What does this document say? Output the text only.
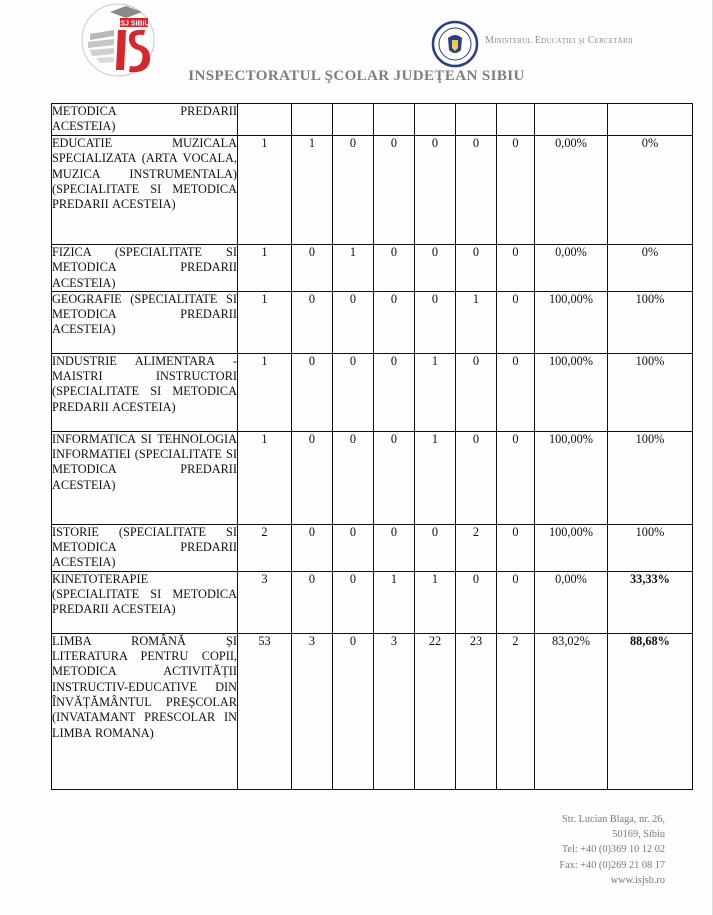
ISJ SIBIU
Ministerul Educației și Cercetării
INSPECTORATUL ŞCOLAR JUDEŢEAN SIBIU
METODICA PREDARII ACESTEIA)									
EDUCATIE MUZICALA SPECIALIZATA (ARTA VOCALA, MUZICA INSTRUMENTALA) (SPECIALITATE SI METODICA PREDARII ACESTEIA)	1	1	0	0	0	0	0	0,00%	0%
FIZICA (SPECIALITATE SI METODICA PREDARII ACESTEIA)	1	0	1	0	0	0	0	0,00%	0%
GEOGRAFIE (SPECIALITATE SI METODICA PREDARII ACESTEIA)	1	0	0	0	0	1	0	100,00%	100%
INDUSTRIE ALIMENTARA - MAISTRI INSTRUCTORI (SPECIALITATE SI METODICA PREDARII ACESTEIA)	1	0	0	0	1	0	0	100,00%	100%
INFORMATICA SI TEHNOLOGIA INFORMATIEI (SPECIALITATE SI METODICA PREDARII ACESTEIA)	1	0	0	0	1	0	0	100,00%	100%
ISTORIE (SPECIALITATE SI METODICA PREDARII ACESTEIA)	2	0	0	0	0	2	0	100,00%	100%
KINETOTERAPIE (SPECIALITATE SI METODICA PREDARII ACESTEIA)	3	0	0	1	1	0	0	0,00%	33,33%
LIMBA ROMÂNĂ ȘI LITERATURA PENTRU COPII, METODICA ACTIVITĂȚII INSTRUCTIV-EDUCATIVE DIN ÎNVĂȚĂMÂNTUL PREȘCOLAR (INVATAMANT PRESCOLAR IN LIMBA ROMANA)	53	3	0	3	22	23	2	83,02%	88,68%
Str. Lucian Blaga, nr. 26,
50169, Sibiu
Tel: +40 (0)369 10 12 02
Fax: +40 (0)269 21 08 17
www.isjsb.ro
